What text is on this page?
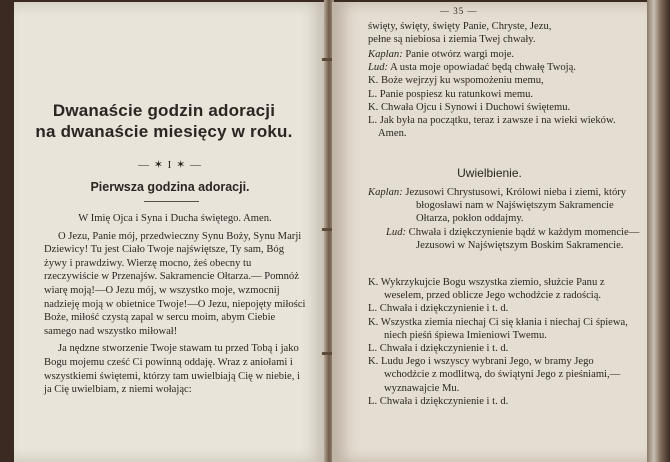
Dwanaście godzin adoracji
na dwanaście miesięcy w roku.
— ✶ I ✶ —
Pierwsza godzina adoracji.

W Imię Ojca i Syna i Ducha świętego. Amen.

O Jezu, Panie mój, przedwieczny Synu Boży, Synu Marji Dziewicy! Tu jest Ciało Twoje najświętsze, Ty sam, Bóg żywy i prawdziwy. Wierzę mocno, żeś obecny tu rzeczywiście w Przenajśw. Sakramencie Ołtarza.— Pomnóż wiarę moją!—O Jezu mój, w wszystko moje, wzmocnij nadzieję moją w obietnice Twoje!—O Jezu, niepojęty miłości Boże, miłość czystą zapal w sercu moim, abym Ciebie samego nad wszystko miłował!

Ja nędzne stworzenie Twoje stawam tu przed Tobą i jako Bogu mojemu cześć Ci powinną oddaję. Wraz z aniołami i wszystkiemi świętemi, którzy tam uwielbiają Cię w niebie, i ja Cię uwielbiam, z niemi wołając:

— 35 —
święty, święty, święty Panie, Chryste, Jezu,
pełne są niebiosa i ziemia Twej chwały.
Kaplan: Panie otwórz wargi moje.
Lud: A usta moje opowiadać będą chwałę Twoją.
K. Boże wejrzyj ku wspomożeniu memu,
L. Panie pospiesz ku ratunkowi memu.
K. Chwała Ojcu i Synowi i Duchowi świętemu.
L. Jak była na początku, teraz i zawsze i na wieki wieków. Amen.
Uwielbienie.
Kaplan: Jezusowi Chrystusowi, Królowi nieba i ziemi, który błogosławi nam w Najświętszym Sakramencie Ołtarza, pokłon oddajmy.
Lud: Chwała i dziękczynienie bądź w każdym momencie—Jezusowi w Najświętszym Boskim Sakramencie.
K. Wykrzykujcie Bogu wszystka ziemio, służcie Panu z weselem, przed oblicze Jego wchodźcie z radością.
L. Chwała i dziękczynienie i t. d.
K. Wszystka ziemia niechaj Ci się kłania i niechaj Ci śpiewa, niech pieśń śpiewa Imieniowi Twemu.
L. Chwała i dziękczynienie i t. d.
K. Ludu Jego i wszyscy wybrani Jego, w bramy Jego wchodźcie z modlitwą, do świątyni Jego z pieśniami,—wyznawajcie Mu.
L. Chwała i dziękczynienie i t. d.
